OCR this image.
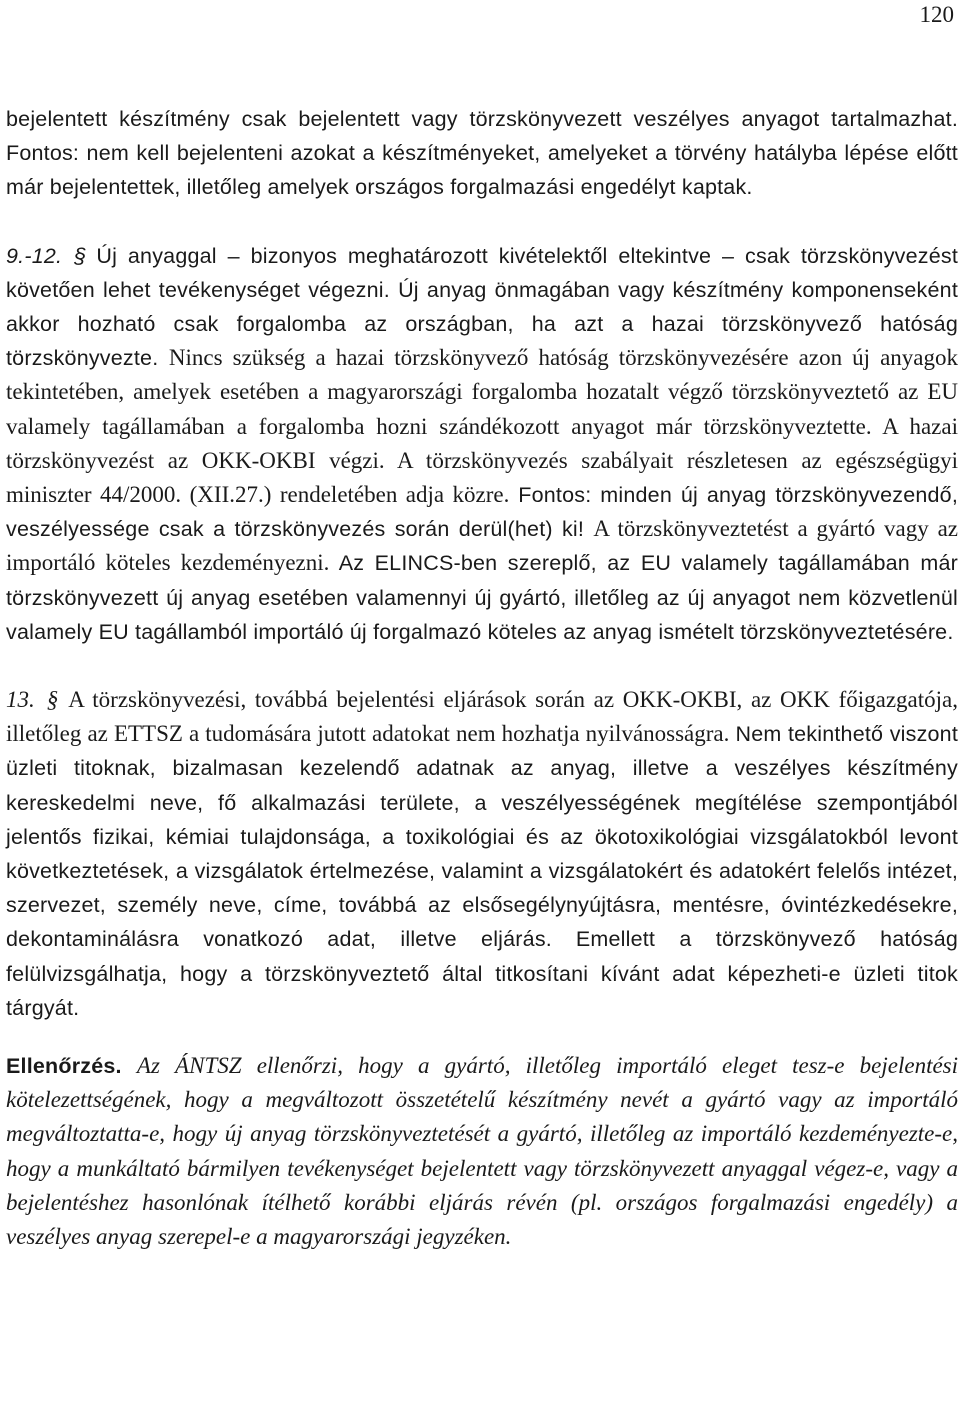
120

bejelentett készítmény csak bejelentett vagy törzskönyvezett veszélyes anyagot tartalmazhat. Fontos: nem kell bejelenteni azokat a készítményeket, amelyeket a törvény hatályba lépése előtt már bejelentettek, illetőleg amelyek országos forgalmazási engedélyt kaptak.

9.-12. § Új anyaggal – bizonyos meghatározott kivételektől eltekintve – csak törzskönyvezést követően lehet tevékenységet végezni. Új anyag önmagában vagy készítmény komponenseként akkor hozható csak forgalomba az országban, ha azt a hazai törzskönyvező hatóság törzskönyvezte. Nincs szükség a hazai törzskönyvező hatóság törzskönyvezésére azon új anyagok tekintetében, amelyek esetében a magyarországi forgalomba hozatalt végző törzskönyveztető az EU valamely tagállamában a forgalomba hozni szándékozott anyagot már törzskönyveztette. A hazai törzskönyvezést az OKK-OKBI végzi. A törzskönyvezés szabályait részletesen az egészségügyi miniszter 44/2000. (XII.27.) rendeletében adja közre. Fontos: minden új anyag törzskönyvezendő, veszélyessége csak a törzskönyvezés során derül(het) ki! A törzskönyveztetést a gyártó vagy az importáló köteles kezdeményezni. Az ELINCS-ben szereplő, az EU valamely tagállamában már törzskönyvezett új anyag esetében valamennyi új gyártó, illetőleg az új anyagot nem közvetlenül valamely EU tagállamból importáló új forgalmazó köteles az anyag ismételt törzskönyveztetésére.

13. § A törzskönyvezési, továbbá bejelentési eljárások során az OKK-OKBI, az OKK főigazgatója, illetőleg az ETTSZ a tudomására jutott adatokat nem hozhatja nyilvánosságra. Nem tekinthető viszont üzleti titoknak, bizalmasan kezelendő adatnak az anyag, illetve a veszélyes készítmény kereskedelmi neve, fő alkalmazási területe, a veszélyességének megítélése szempontjából jelentős fizikai, kémiai tulajdonsága, a toxikológiai és az ökotoxikológiai vizsgálatokból levont következtetések, a vizsgálatok értelmezése, valamint a vizsgálatokért és adatokért felelős intézet, szervezet, személy neve, címe, továbbá az elsősegélynyújtásra, mentésre, óvintézkedésekre, dekontaminálásra vonatkozó adat, illetve eljárás. Emellett a törzskönyvező hatóság felülvizsgálhatja, hogy a törzskönyveztető által titkosítani kívánt adat képezheti-e üzleti titok tárgyát.

Ellenőrzés. Az ÁNTSZ ellenőrzi, hogy a gyártó, illetőleg importáló eleget tesz-e bejelentési kötelezettségének, hogy a megváltozott összetételű készítmény nevét a gyártó vagy az importáló megváltoztatta-e, hogy új anyag törzskönyveztetését a gyártó, illetőleg az importáló kezdeményezte-e, hogy a munkáltató bármilyen tevékenységet bejelentett vagy törzskönyvezett anyaggal végez-e, vagy a bejelentéshez hasonlónak ítélhető korábbi eljárás révén (pl. országos forgalmazási engedély) a veszélyes anyag szerepel-e a magyarországi jegyzéken.
